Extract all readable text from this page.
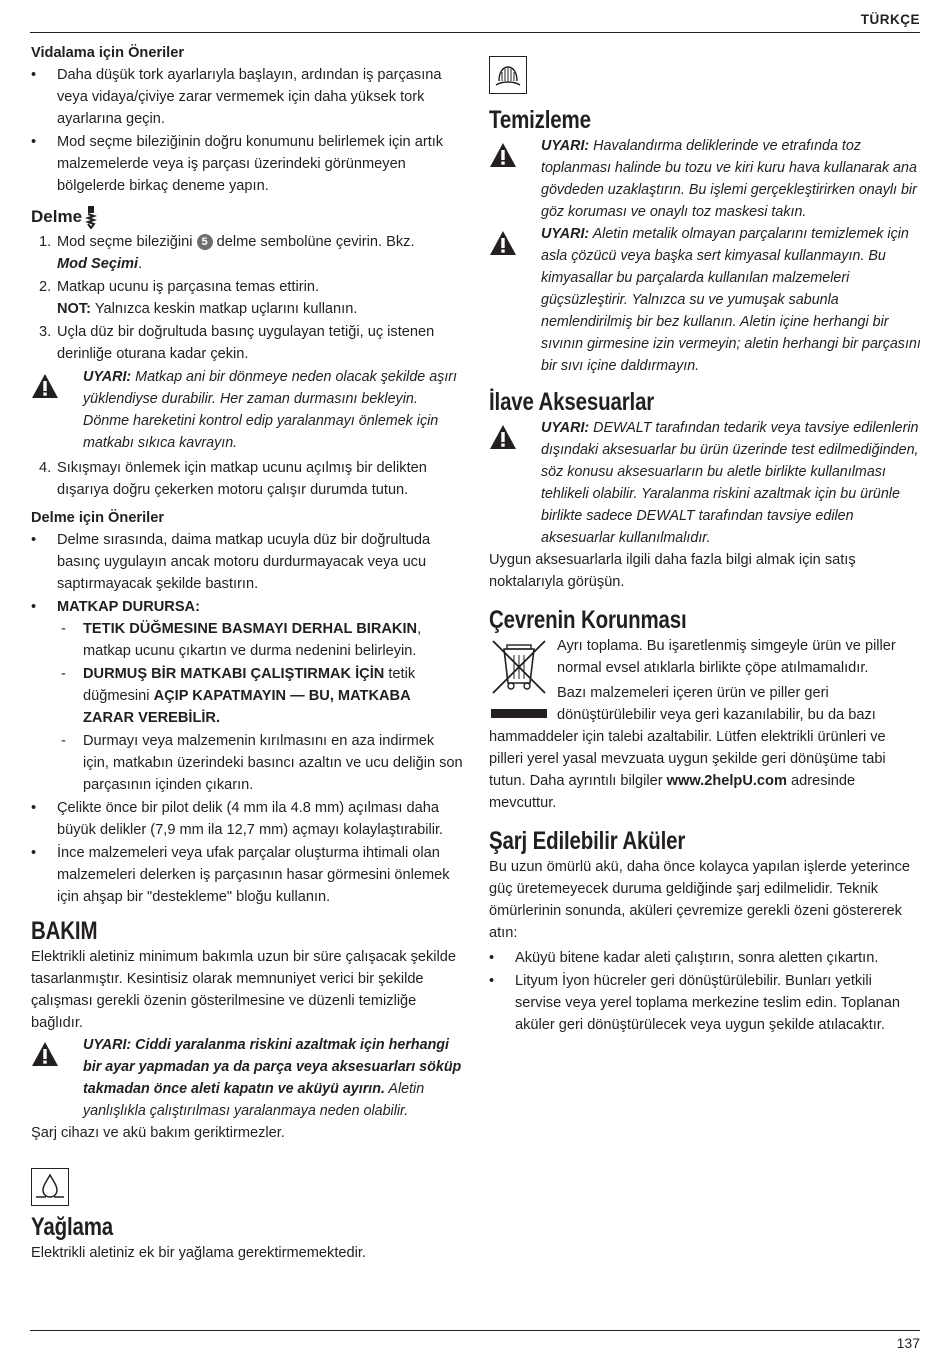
TÜRKÇE
Vidalama için Öneriler
• Daha düşük tork ayarlarıyla başlayın, ardından iş parçasına veya vidaya/çiviye zarar vermemek için daha yüksek tork ayarlarına geçin.
• Mod seçme bileziğinin doğru konumunu belirlemek için artık malzemelerde veya iş parçası üzerindeki görünmeyen bölgelerde birkaç deneme yapın.
Delme
1. Mod seçme bileziğini 5 delme sembolüne çevirin. Bkz.
Mod Seçimi.
2. Matkap ucunu iş parçasına temas ettirin.
NOT: Yalnızca keskin matkap uçlarını kullanın.
3. Uçla düz bir doğrultuda basınç uygulayan tetiği, uç istenen derinliğe oturana kadar çekin.
UYARI: Matkap ani bir dönmeye neden olacak şekilde aşırı yüklendiyse durabilir. Her zaman durmasını bekleyin. Dönme hareketini kontrol edip yaralanmayı önlemek için matkabı sıkıca kavrayın.
4. Sıkışmayı önlemek için matkap ucunu açılmış bir delikten dışarıya doğru çekerken motoru çalışır durumda tutun.
Delme için Öneriler
• Delme sırasında, daima matkap ucuyla düz bir doğrultuda basınç uygulayın ancak motoru durdurmayacak veya ucu saptırmayacak şekilde bastırın.
• MATKAP DURURSA:
- TETIK DÜĞMESINE BASMAYI DERHAL BIRAKIN, matkap ucunu çıkartın ve durma nedenini belirleyin.
- DURMUŞ BİR MATKABI ÇALIŞTIRMAK İÇİN tetik düğmesini AÇIP KAPATMAYIN — BU, MATKABA ZARAR VEREBİLİR.
- Durmayı veya malzemenin kırılmasını en aza indirmek için, matkabın üzerindeki basıncı azaltın ve ucu deliğin son parçasının içinden çıkarın.
• Çelikte önce bir pilot delik (4 mm ila 4.8 mm) açılması daha büyük delikler (7,9 mm ila 12,7 mm) açmayı kolaylaştırabilir.
• İnce malzemeleri veya ufak parçalar oluşturma ihtimali olan malzemeleri delerken iş parçasının hasar görmesini önlemek için ahşap bir "destekleme" bloğu kullanın.
BAKIM

Elektrikli aletiniz minimum bakımla uzun bir süre çalışacak şekilde tasarlanmıştır. Kesintisiz olarak memnuniyet verici bir şekilde çalışması gerekli özenin gösterilmesine ve düzenli temizliğe bağlıdır.

UYARI: Ciddi yaralanma riskini azaltmak için herhangi bir ayar yapmadan ya da parça veya aksesuarları söküp takmadan önce aleti kapatın ve aküyü ayırın. Aletin yanlışlıkla çalıştırılması yaralanmaya neden olabilir.

Şarj cihazı ve akü bakım geriktirmezler.

Yağlama

Elektrikli aletiniz ek bir yağlama gerektirmemektedir.

Temizleme
UYARI: Havalandırma deliklerinde ve etrafında toz toplanması halinde bu tozu ve kiri kuru hava kullanarak ana gövdeden uzaklaştırın. Bu işlemi gerçekleştirirken onaylı bir göz koruması ve onaylı toz maskesi takın.
UYARI: Aletin metalik olmayan parçalarını temizlemek için asla çözücü veya başka sert kimyasal kullanmayın. Bu kimyasallar bu parçalarda kullanılan malzemeleri güçsüzleştirir. Yalnızca su ve yumuşak sabunla nemlendirilmiş bir bez kullanın. Aletin içine herhangi bir sıvının girmesine izin vermeyin; aletin herhangi bir parçasını bir sıvı içine daldırmayın.
İlave Aksesuarlar
UYARI: DEWALT tarafından tedarik veya tavsiye edilenlerin dışındaki aksesuarlar bu ürün üzerinde test edilmediğinden, söz konusu aksesuarların bu aletle birlikte kullanılması tehlikeli olabilir. Yaralanma riskini azaltmak için bu ürünle birlikte sadece DEWALT tarafından tavsiye edilen aksesuarlar kullanılmalıdır.

Uygun aksesuarlarla ilgili daha fazla bilgi almak için satış noktalarıyla görüşün.

Çevrenin Korunması

Ayrı toplama. Bu işaretlenmiş simgeyle ürün ve piller normal evsel atıklarla birlikte çöpe atılmamalıdır.

Bazı malzemeleri içeren ürün ve piller geri dönüştürülebilir veya geri kazanılabilir, bu da bazı hammaddeler için talebi azaltabilir. Lütfen elektrikli ürünleri ve pilleri yerel yasal mevzuata uygun şekilde geri dönüşüme tabi tutun. Daha ayrıntılı bilgiler www.2helpU.com adresinde mevcuttur.

Şarj Edilebilir Aküler

Bu uzun ömürlü akü, daha önce kolayca yapılan işlerde yeterince güç üretemeyecek duruma geldiğinde şarj edilmelidir. Teknik ömürlerinin sonunda, aküleri çevremize gerekli özeni göstererek atın:

• Aküyü bitene kadar aleti çalıştırın, sonra aletten çıkartın.
• Lityum İyon hücreler geri dönüştürülebilir. Bunları yetkili servise veya yerel toplama merkezine teslim edin. Toplanan aküler geri dönüştürülecek veya uygun şekilde atılacaktır.
137
